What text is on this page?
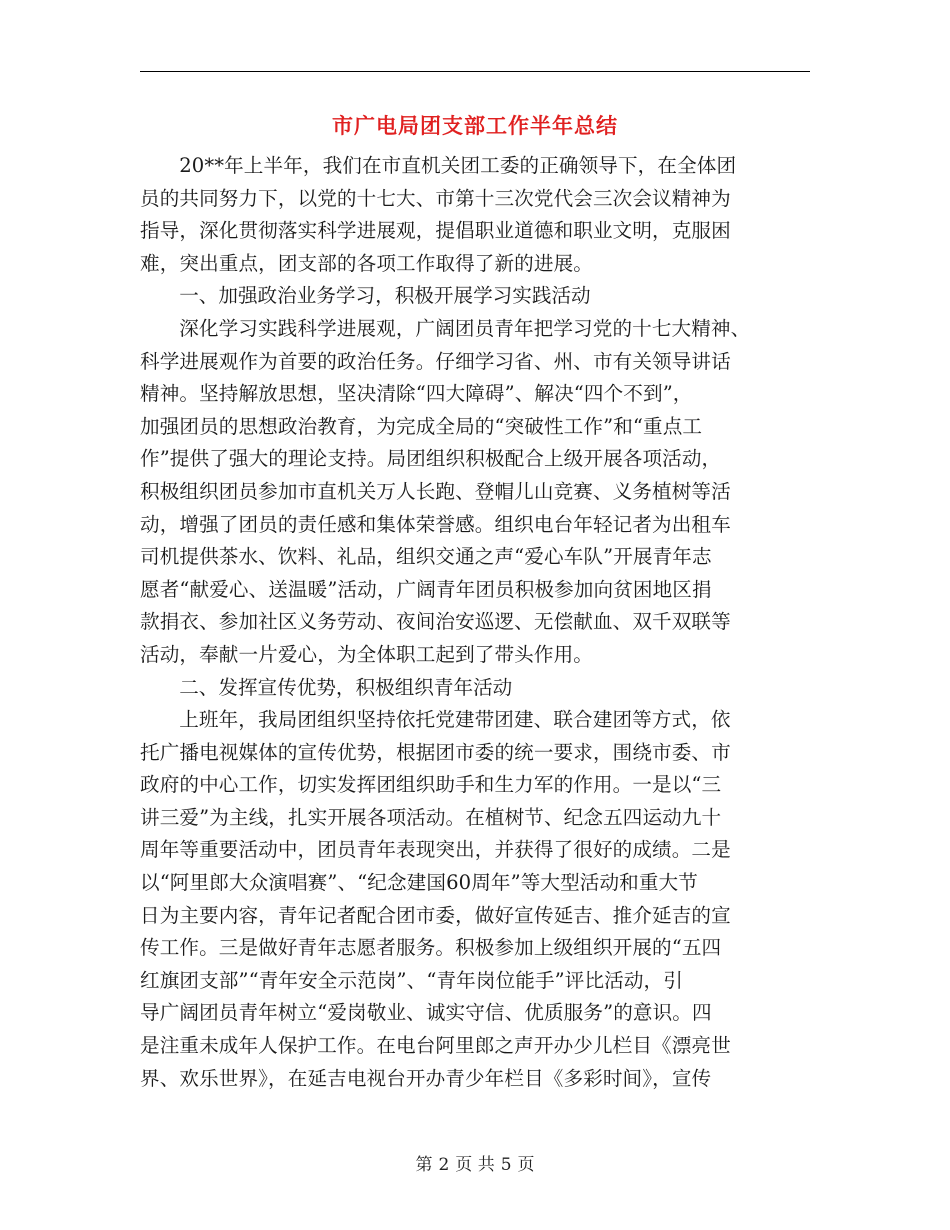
市广电局团支部工作半年总结

20**年上半年，我们在市直机关团工委的正确领导下，在全体团
员的共同努力下，以党的十七大、市第十三次党代会三次会议精神为
指导，深化贯彻落实科学进展观，提倡职业道德和职业文明，克服困
难，突出重点，团支部的各项工作取得了新的进展。

一、加强政治业务学习，积极开展学习实践活动

深化学习实践科学进展观，广阔团员青年把学习党的十七大精神、
科学进展观作为首要的政治任务。仔细学习省、州、市有关领导讲话
精神。坚持解放思想，坚决清除“四大障碍”、解决“四个不到”，
加强团员的思想政治教育，为完成全局的“突破性工作”和“重点工
作”提供了强大的理论支持。局团组织积极配合上级开展各项活动，
积极组织团员参加市直机关万人长跑、登帽儿山竞赛、义务植树等活
动，增强了团员的责任感和集体荣誉感。组织电台年轻记者为出租车
司机提供茶水、饮料、礼品，组织交通之声“爱心车队”开展青年志
愿者“献爱心、送温暖”活动，广阔青年团员积极参加向贫困地区捐
款捐衣、参加社区义务劳动、夜间治安巡逻、无偿献血、双千双联等
活动，奉献一片爱心，为全体职工起到了带头作用。

二、发挥宣传优势，积极组织青年活动

上班年，我局团组织坚持依托党建带团建、联合建团等方式，依
托广播电视媒体的宣传优势，根据团市委的统一要求，围绕市委、市
政府的中心工作，切实发挥团组织助手和生力军的作用。一是以“三
讲三爱”为主线，扎实开展各项活动。在植树节、纪念五四运动九十
周年等重要活动中，团员青年表现突出，并获得了很好的成绩。二是
以“阿里郎大众演唱赛”、“纪念建国60周年”等大型活动和重大节
日为主要内容，青年记者配合团市委，做好宣传延吉、推介延吉的宣
传工作。三是做好青年志愿者服务。积极参加上级组织开展的“五四
红旗团支部”“青年安全示范岗”、“青年岗位能手”评比活动，引
导广阔团员青年树立“爱岗敬业、诚实守信、优质服务”的意识。四
是注重未成年人保护工作。在电台阿里郎之声开办少儿栏目《漂亮世
界、欢乐世界》，在延吉电视台开办青少年栏目《多彩时间》，宣传

第 2 页 共 5 页
